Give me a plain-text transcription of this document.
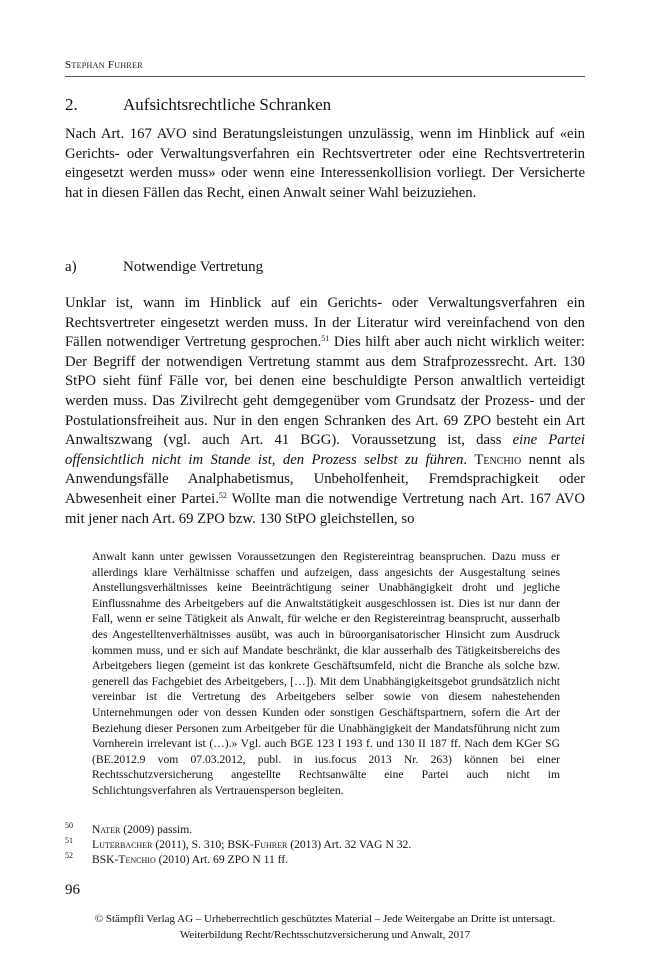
Stephan Fuhrer
2.	Aufsichtsrechtliche Schranken
Nach Art. 167 AVO sind Beratungsleistungen unzulässig, wenn im Hinblick auf «ein Gerichts- oder Verwaltungsverfahren ein Rechtsvertreter oder eine Rechtsvertreterin eingesetzt werden muss» oder wenn eine Interessenkollision vorliegt. Der Versicherte hat in diesen Fällen das Recht, einen Anwalt seiner Wahl beizuziehen.
a)	Notwendige Vertretung
Unklar ist, wann im Hinblick auf ein Gerichts- oder Verwaltungsverfahren ein Rechtsvertreter eingesetzt werden muss. In der Literatur wird vereinfachend von den Fällen notwendiger Vertretung gesprochen.$^{51}$ Dies hilft aber auch nicht wirklich weiter: Der Begriff der notwendigen Vertretung stammt aus dem Strafprozessrecht. Art. 130 StPO sieht fünf Fälle vor, bei denen eine beschuldigte Person anwaltlich verteidigt werden muss. Das Zivilrecht geht demgegenüber vom Grundsatz der Prozess- und der Postulationsfreiheit aus. Nur in den engen Schranken des Art. 69 ZPO besteht ein Art Anwaltszwang (vgl. auch Art. 41 BGG). Voraussetzung ist, dass eine Partei offensichtlich nicht im Stande ist, den Prozess selbst zu führen. Tenchio nennt als Anwendungsfälle Analphabetismus, Unbeholfenheit, Fremdsprachigkeit oder Abwesenheit einer Partei.$^{52}$ Wollte man die notwendige Vertretung nach Art. 167 AVO mit jener nach Art. 69 ZPO bzw. 130 StPO gleichstellen, so
Anwalt kann unter gewissen Voraussetzungen den Registereintrag beanspruchen. Dazu muss er allerdings klare Verhältnisse schaffen und aufzeigen, dass angesichts der Ausgestaltung seines Anstellungsverhältnisses keine Beeinträchtigung seiner Unabhängigkeit droht und jegliche Einflussnahme des Arbeitgebers auf die Anwaltstätigkeit ausgeschlossen ist. Dies ist nur dann der Fall, wenn er seine Tätigkeit als Anwalt, für welche er den Registereintrag beansprucht, ausserhalb des Angestelltenverhältnisses ausübt, was auch in büroorganisatorischer Hinsicht zum Ausdruck kommen muss, und er sich auf Mandate beschränkt, die klar ausserhalb des Tätigkeitsbereichs des Arbeitgebers liegen (gemeint ist das konkrete Geschäftsumfeld, nicht die Branche als solche bzw. generell das Fachgebiet des Arbeitgebers, […]). Mit dem Unabhängigkeitsgebot grundsätzlich nicht vereinbar ist die Vertretung des Arbeitgebers selber sowie von diesem nahestehenden Unternehmungen oder von dessen Kunden oder sonstigen Geschäftspartnern, sofern die Art der Beziehung dieser Personen zum Arbeitgeber für die Unabhängigkeit der Mandatsführung nicht zum Vornherein irrelevant ist (…).» Vgl. auch BGE 123 I 193 f. und 130 II 187 ff. Nach dem KGer SG (BE.2012.9 vom 07.03.2012, publ. in ius.focus 2013 Nr. 263) können bei einer Rechtsschutzversicherung angestellte Rechtsanwälte eine Partei auch nicht im Schlichtungsverfahren als Vertrauensperson begleiten.
50 Nater (2009) passim.
51 Luterbacher (2011), S. 310; BSK-Fuhrer (2013) Art. 32 VAG N 32.
52 BSK-Tenchio (2010) Art. 69 ZPO N 11 ff.
96
© Stämpfli Verlag AG – Urheberrechtlich geschütztes Material – Jede Weitergabe an Dritte ist untersagt.
Weiterbildung Recht/Rechtsschutzversicherung und Anwalt, 2017
